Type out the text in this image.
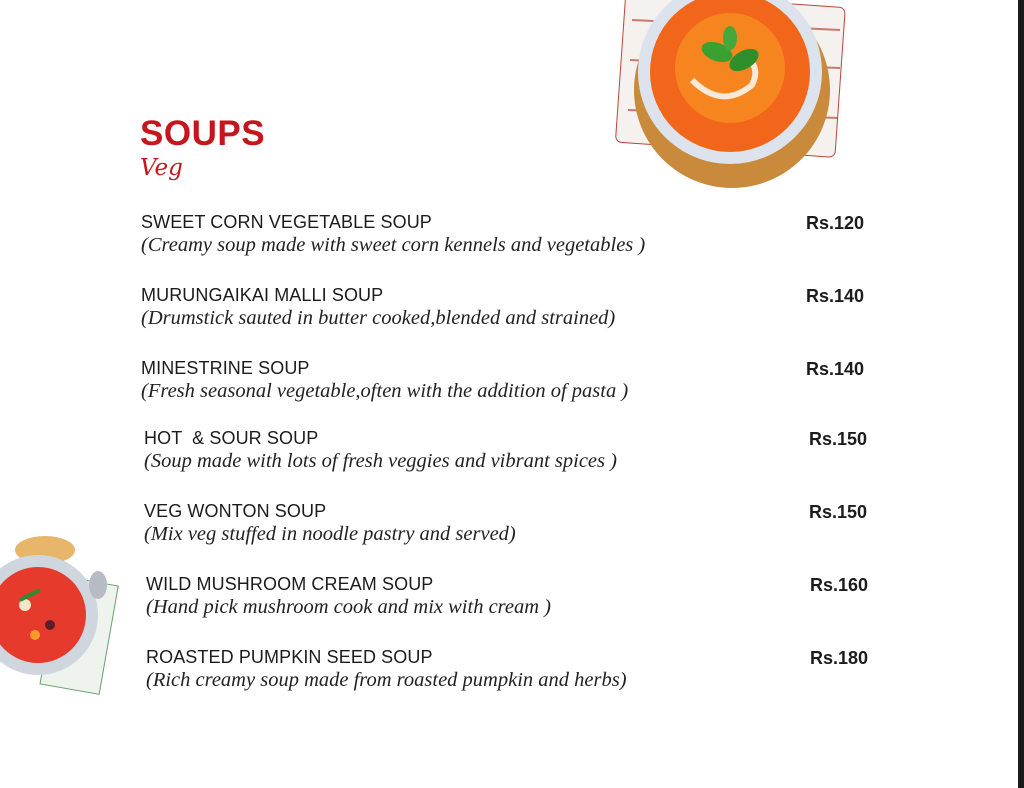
SOUPS
Veg
SWEET CORN VEGETABLE SOUP
(Creamy soup made with sweet corn kennels and vegetables )
Rs.120
MURUNGAIKAI MALLI SOUP
(Drumstick sauted in butter cooked,blended and strained)
Rs.140
MINESTRINE SOUP
(Fresh seasonal vegetable,often with the addition of pasta )
Rs.140
HOT  & SOUR SOUP
(Soup made with lots of fresh veggies and vibrant spices )
Rs.150
VEG WONTON SOUP
(Mix veg stuffed in noodle pastry and served)
Rs.150
WILD MUSHROOM CREAM SOUP
(Hand pick mushroom cook and mix with cream )
Rs.160
ROASTED PUMPKIN SEED SOUP
(Rich creamy soup made from roasted pumpkin and herbs)
Rs.180
